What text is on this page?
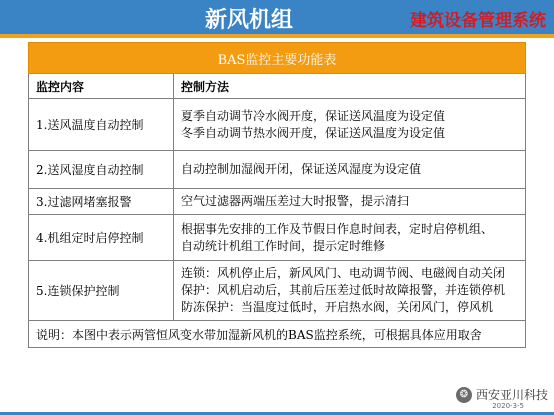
新风机组	建筑设备管理系统
BAS监控主要功能表	
监控内容	控制方法
1.送风温度自动控制	夏季自动调节冷水阀开度，保证送风温度为设定值
冬季自动调节热水阀开度，保证送风温度为设定值

2.送风湿度自动控制	自动控制加湿阀开闭，保证送风湿度为设定值

3.过滤网堵塞报警	空气过滤器两端压差过大时报警，提示清扫

4.机组定时启停控制	根据事先安排的工作及节假日作息时间表，定时启停机组、
自动统计机组工作时间，提示定时维修

5.连锁保护控制	连锁：风机停止后，新风风门、电动调节阀、电磁阀自动关闭
保护：风机启动后，其前后压差过低时故障报警，并连锁停机
防冻保护：当温度过低时，开启热水阀，关闭风门，停风机

说明：本图中表示两管恒风变水带加湿新风机的BAS监控系统，可根据具体应用取舍	
❂ 西安亚川科技
2020-3-5
